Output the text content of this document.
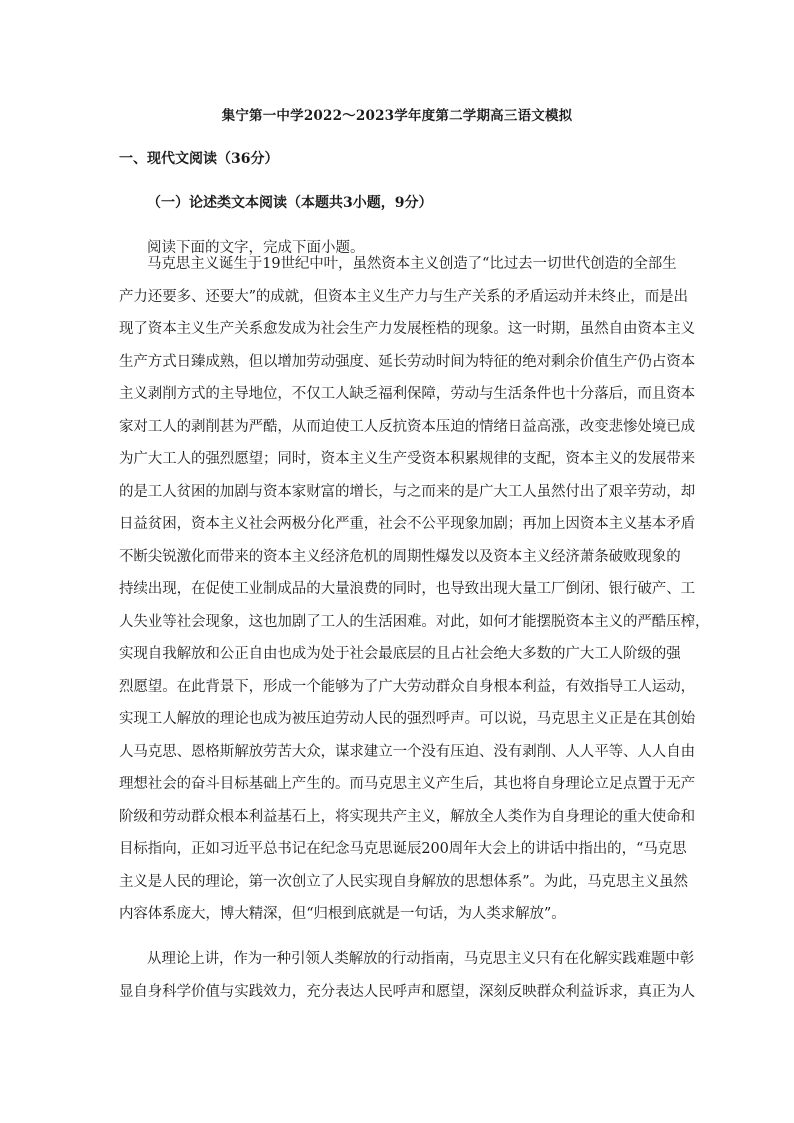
集宁第一中学2022～2023学年度第二学期高三语文模拟
一、现代文阅读（36分）
（一）论述类文本阅读（本题共3小题，9分）
阅读下面的文字，完成下面小题。
马克思主义诞生于19世纪中叶，虽然资本主义创造了“比过去一切世代创造的全部生
产力还要多、还要大”的成就，但资本主义生产力与生产关系的矛盾运动并未终止，而是出
现了资本主义生产关系愈发成为社会生产力发展桎梏的现象。这一时期，虽然自由资本主义
生产方式日臻成熟，但以增加劳动强度、延长劳动时间为特征的绝对剩余价值生产仍占资本
主义剥削方式的主导地位，不仅工人缺乏福利保障，劳动与生活条件也十分落后，而且资本
家对工人的剥削甚为严酷，从而迫使工人反抗资本压迫的情绪日益高涨，改变悲惨处境已成
为广大工人的强烈愿望；同时，资本主义生产受资本积累规律的支配，资本主义的发展带来
的是工人贫困的加剧与资本家财富的增长，与之而来的是广大工人虽然付出了艰辛劳动，却
日益贫困，资本主义社会两极分化严重，社会不公平现象加剧；再加上因资本主义基本矛盾
不断尖锐激化而带来的资本主义经济危机的周期性爆发以及资本主义经济萧条破败现象的
持续出现，在促使工业制成品的大量浪费的同时，也导致出现大量工厂倒闭、银行破产、工
人失业等社会现象，这也加剧了工人的生活困难。对此，如何才能摆脱资本主义的严酷压榨，
实现自我解放和公正自由也成为处于社会最底层的且占社会绝大多数的广大工人阶级的强
烈愿望。在此背景下，形成一个能够为了广大劳动群众自身根本利益，有效指导工人运动，
实现工人解放的理论也成为被压迫劳动人民的强烈呼声。可以说，马克思主义正是在其创始
人马克思、恩格斯解放劳苦大众，谋求建立一个没有压迫、没有剥削、人人平等、人人自由
理想社会的奋斗目标基础上产生的。而马克思主义产生后，其也将自身理论立足点置于无产
阶级和劳动群众根本利益基石上，将实现共产主义，解放全人类作为自身理论的重大使命和
目标指向，正如习近平总书记在纪念马克思诞辰200周年大会上的讲话中指出的，“马克思
主义是人民的理论，第一次创立了人民实现自身解放的思想体系”。为此，马克思主义虽然
内容体系庞大，博大精深，但“归根到底就是一句话，为人类求解放”。
从理论上讲，作为一种引领人类解放的行动指南，马克思主义只有在化解实践难题中彰
显自身科学价值与实践效力，充分表达人民呼声和愿望，深刻反映群众利益诉求，真正为人
